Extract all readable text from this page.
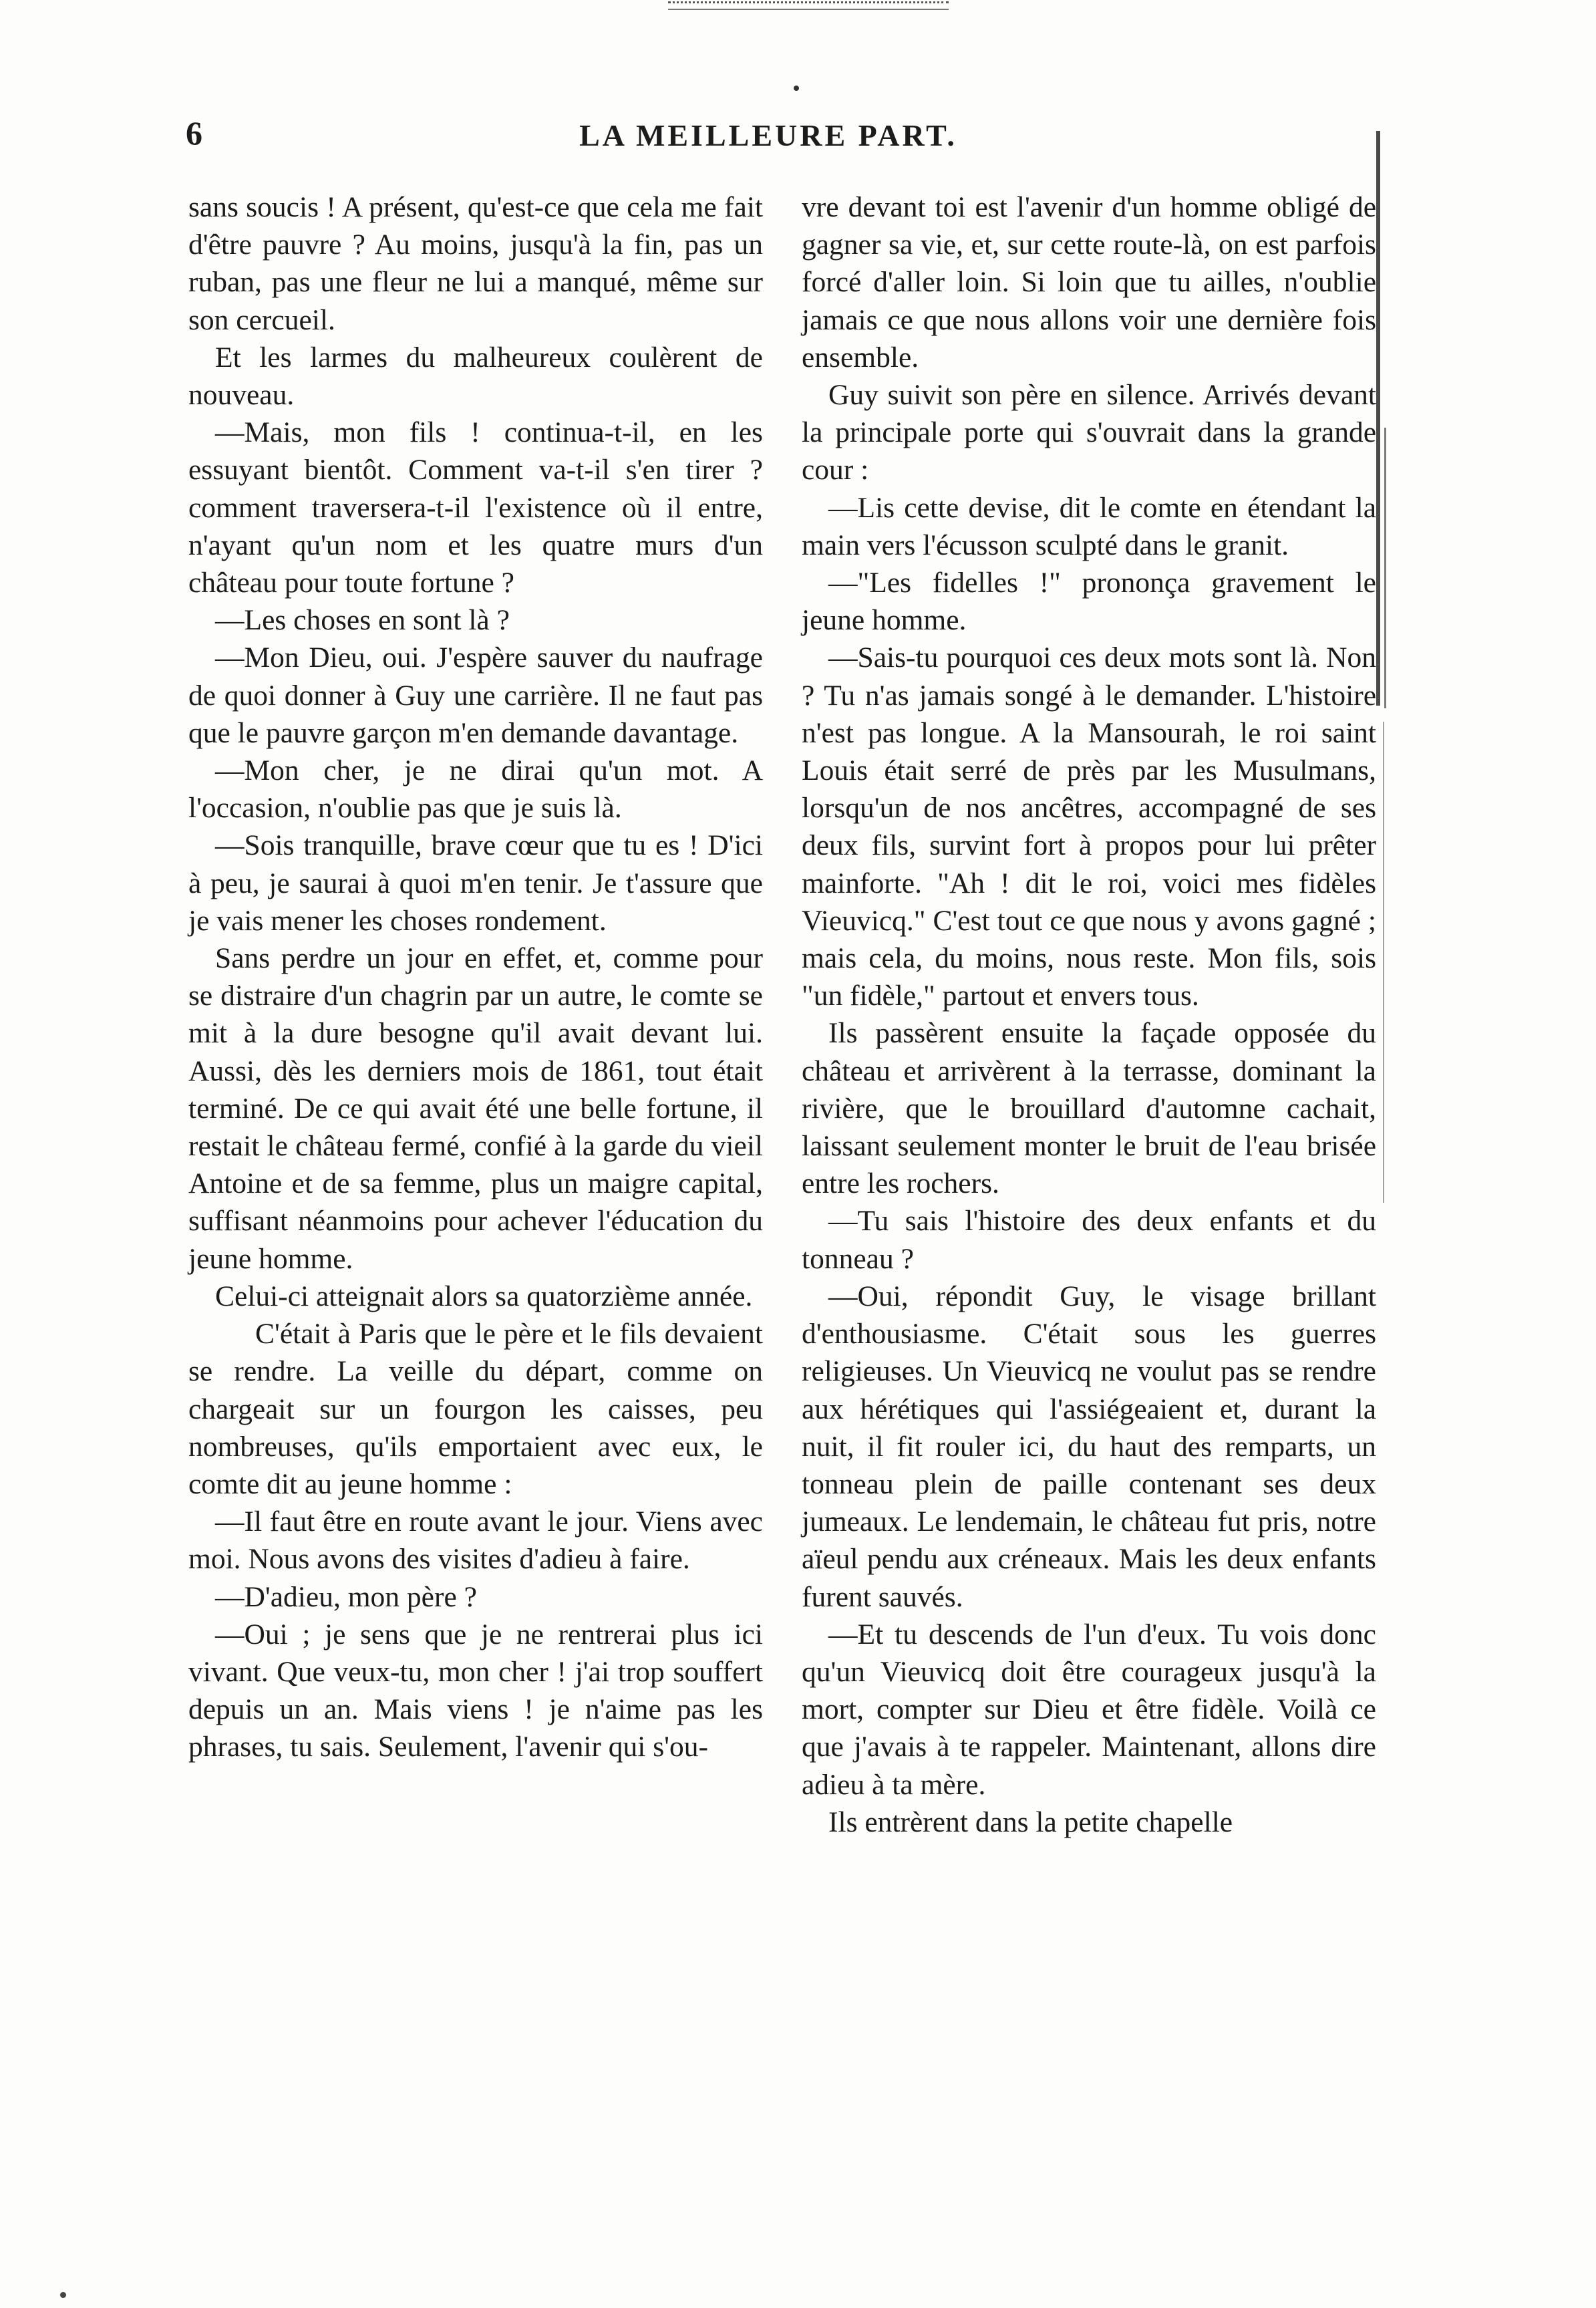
6	LA MEILLEURE PART.

sans soucis ! A présent, qu'est-ce que cela me fait d'être pauvre ? Au moins, jusqu'à la fin, pas un ruban, pas une fleur ne lui a manqué, même sur son cercueil.

Et les larmes du malheureux coulèrent de nouveau.

—Mais, mon fils ! continua-t-il, en les essuyant bientôt. Comment va-t-il s'en tirer ? comment traversera-t-il l'existence où il entre, n'ayant qu'un nom et les quatre murs d'un château pour toute fortune ?

—Les choses en sont là ?

—Mon Dieu, oui. J'espère sauver du naufrage de quoi donner à Guy une carrière. Il ne faut pas que le pauvre garçon m'en demande davantage.

—Mon cher, je ne dirai qu'un mot. A l'occasion, n'oublie pas que je suis là.

—Sois tranquille, brave cœur que tu es ! D'ici à peu, je saurai à quoi m'en tenir. Je t'assure que je vais mener les choses rondement.

Sans perdre un jour en effet, et, comme pour se distraire d'un chagrin par un autre, le comte se mit à la dure besogne qu'il avait devant lui. Aussi, dès les derniers mois de 1861, tout était terminé. De ce qui avait été une belle fortune, il restait le château fermé, confié à la garde du vieil Antoine et de sa femme, plus un maigre capital, suffisant néanmoins pour achever l'éducation du jeune homme.

Celui-ci atteignait alors sa quatorzième année.

C'était à Paris que le père et le fils devaient se rendre. La veille du départ, comme on chargeait sur un fourgon les caisses, peu nombreuses, qu'ils emportaient avec eux, le comte dit au jeune homme :

—Il faut être en route avant le jour. Viens avec moi. Nous avons des visites d'adieu à faire.

—D'adieu, mon père ?

—Oui ; je sens que je ne rentrerai plus ici vivant. Que veux-tu, mon cher ! j'ai trop souffert depuis un an. Mais viens ! je n'aime pas les phrases, tu sais. Seulement, l'avenir qui s'ou-

vre devant toi est l'avenir d'un homme obligé de gagner sa vie, et, sur cette route-là, on est parfois forcé d'aller loin. Si loin que tu ailles, n'oublie jamais ce que nous allons voir une dernière fois ensemble.

Guy suivit son père en silence. Arrivés devant la principale porte qui s'ouvrait dans la grande cour :

—Lis cette devise, dit le comte en étendant la main vers l'écusson sculpté dans le granit.

—"Les fidelles !" prononça gravement le jeune homme.

—Sais-tu pourquoi ces deux mots sont là. Non ? Tu n'as jamais songé à le demander. L'histoire n'est pas longue. A la Mansourah, le roi saint Louis était serré de près par les Musulmans, lorsqu'un de nos ancêtres, accompagné de ses deux fils, survint fort à propos pour lui prêter mainforte. "Ah ! dit le roi, voici mes fidèles Vieuvicq." C'est tout ce que nous y avons gagné ; mais cela, du moins, nous reste. Mon fils, sois "un fidèle," partout et envers tous.

Ils passèrent ensuite la façade opposée du château et arrivèrent à la terrasse, dominant la rivière, que le brouillard d'automne cachait, laissant seulement monter le bruit de l'eau brisée entre les rochers.

—Tu sais l'histoire des deux enfants et du tonneau ?

—Oui, répondit Guy, le visage brillant d'enthousiasme. C'était sous les guerres religieuses. Un Vieuvicq ne voulut pas se rendre aux hérétiques qui l'assiégeaient et, durant la nuit, il fit rouler ici, du haut des remparts, un tonneau plein de paille contenant ses deux jumeaux. Le lendemain, le château fut pris, notre aïeul pendu aux créneaux. Mais les deux enfants furent sauvés.

—Et tu descends de l'un d'eux. Tu vois donc qu'un Vieuvicq doit être courageux jusqu'à la mort, compter sur Dieu et être fidèle. Voilà ce que j'avais à te rappeler. Maintenant, allons dire adieu à ta mère.

Ils entrèrent dans la petite chapelle
